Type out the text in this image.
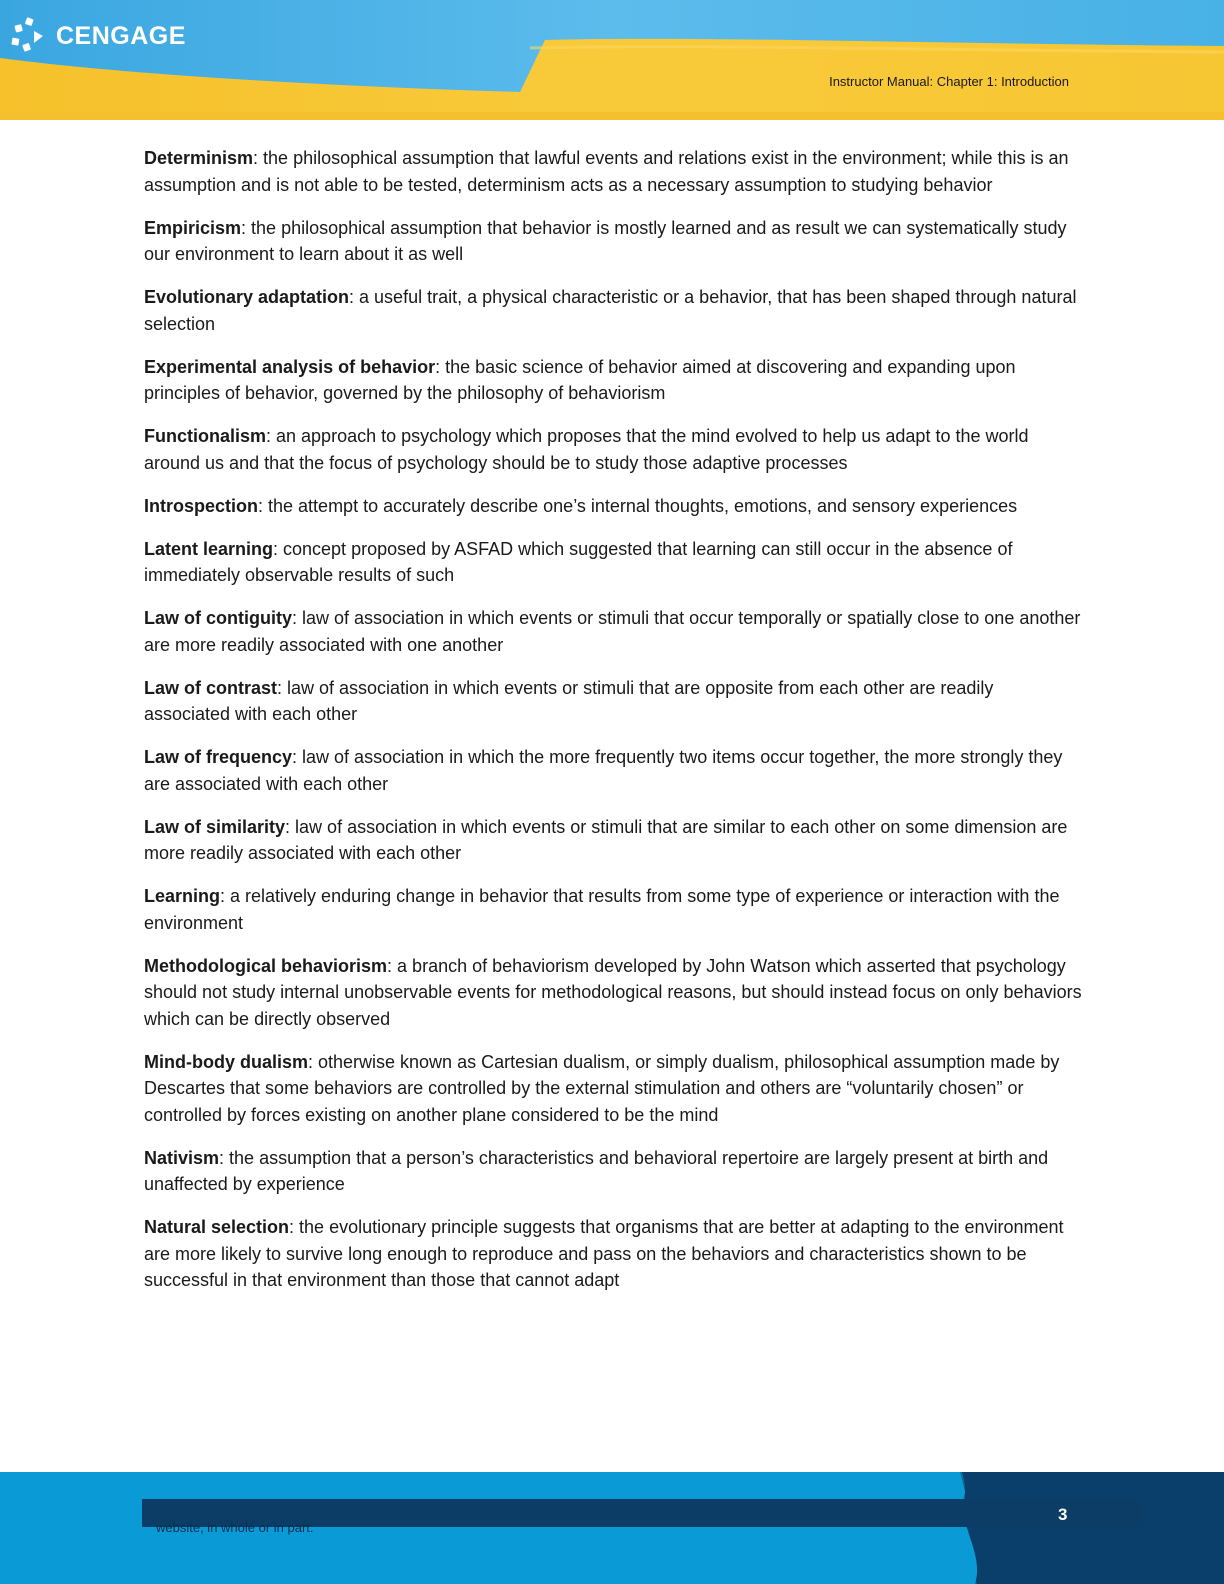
CENGAGE
Instructor Manual: Chapter 1: Introduction

Determinism: the philosophical assumption that lawful events and relations exist in the environment; while this is an assumption and is not able to be tested, determinism acts as a necessary assumption to studying behavior

Empiricism: the philosophical assumption that behavior is mostly learned and as result we can systematically study our environment to learn about it as well

Evolutionary adaptation: a useful trait, a physical characteristic or a behavior, that has been shaped through natural selection

Experimental analysis of behavior: the basic science of behavior aimed at discovering and expanding upon principles of behavior, governed by the philosophy of behaviorism

Functionalism: an approach to psychology which proposes that the mind evolved to help us adapt to the world around us and that the focus of psychology should be to study those adaptive processes

Introspection: the attempt to accurately describe one’s internal thoughts, emotions, and sensory experiences

Latent learning: concept proposed by ASFAD which suggested that learning can still occur in the absence of immediately observable results of such

Law of contiguity: law of association in which events or stimuli that occur temporally or spatially close to one another are more readily associated with one another

Law of contrast: law of association in which events or stimuli that are opposite from each other are readily associated with each other

Law of frequency: law of association in which the more frequently two items occur together, the more strongly they are associated with each other

Law of similarity: law of association in which events or stimuli that are similar to each other on some dimension are more readily associated with each other

Learning: a relatively enduring change in behavior that results from some type of experience or interaction with the environment

Methodological behaviorism: a branch of behaviorism developed by John Watson which asserted that psychology should not study internal unobservable events for methodological reasons, but should instead focus on only behaviors which can be directly observed

Mind-body dualism: otherwise known as Cartesian dualism, or simply dualism, philosophical assumption made by Descartes that some behaviors are controlled by the external stimulation and others are “voluntarily chosen” or controlled by forces existing on another plane considered to be the mind

Nativism: the assumption that a person’s characteristics and behavioral repertoire are largely present at birth and unaffected by experience

Natural selection: the evolutionary principle suggests that organisms that are better at adapting to the environment are more likely to survive long enough to reproduce and pass on the behaviors and characteristics shown to be successful in that environment than those that cannot adapt

website, in whole or in part.
3
